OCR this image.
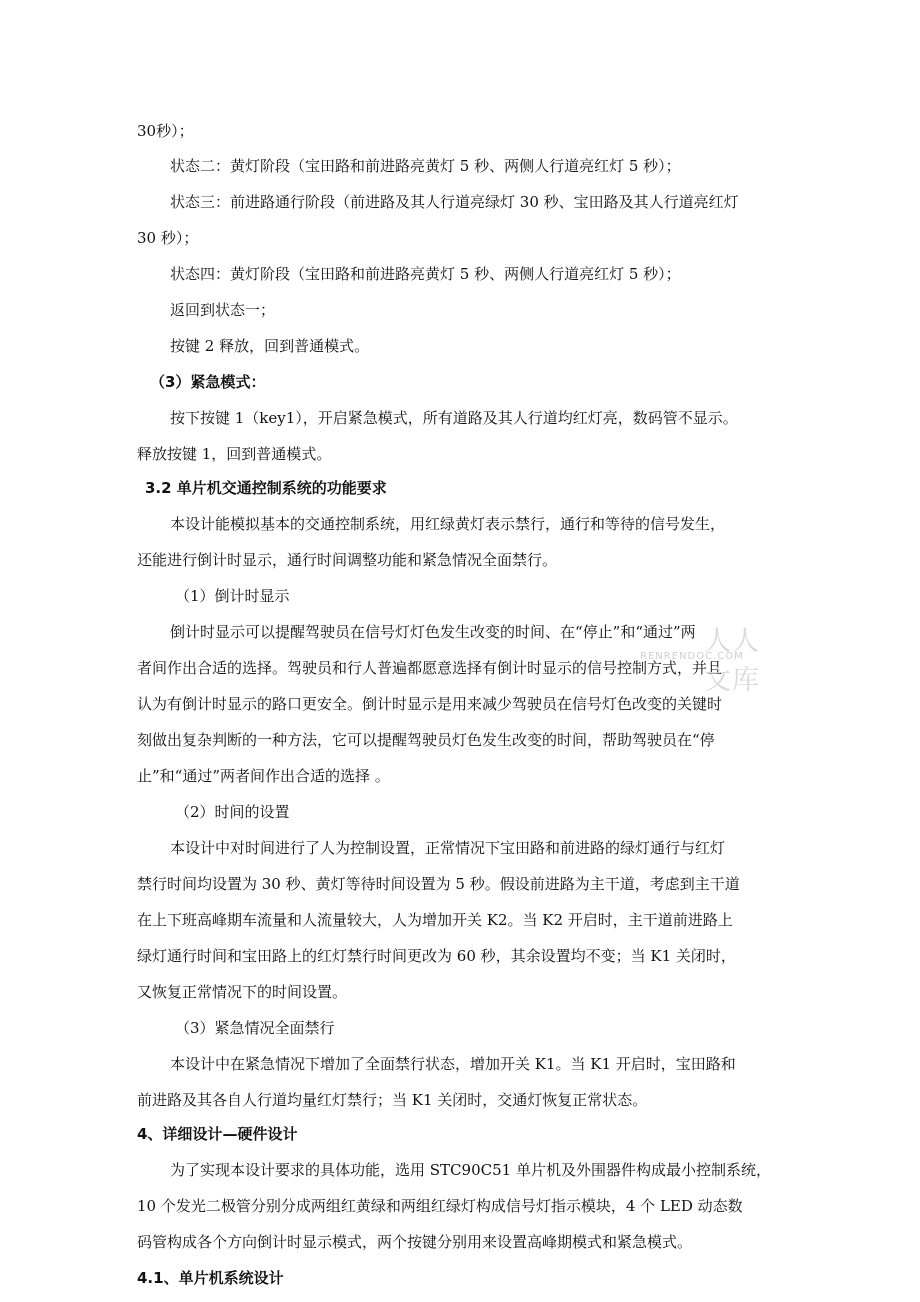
30秒）；
状态二：黄灯阶段（宝田路和前进路亮黄灯 5 秒、两侧人行道亮红灯 5 秒）；
状态三：前进路通行阶段（前进路及其人行道亮绿灯 30 秒、宝田路及其人行道亮红灯
30 秒）；
状态四：黄灯阶段（宝田路和前进路亮黄灯 5 秒、两侧人行道亮红灯 5 秒）；
返回到状态一；
按键 2 释放，回到普通模式。
（3）紧急模式：
按下按键 1（key1），开启紧急模式，所有道路及其人行道均红灯亮，数码管不显示。
释放按键 1，回到普通模式。
3.2 单片机交通控制系统的功能要求
本设计能模拟基本的交通控制系统，用红绿黄灯表示禁行，通行和等待的信号发生，
还能进行倒计时显示，通行时间调整功能和紧急情况全面禁行。
（1）倒计时显示
倒计时显示可以提醒驾驶员在信号灯灯色发生改变的时间、在“停止”和“通过”两
者间作出合适的选择。驾驶员和行人普遍都愿意选择有倒计时显示的信号控制方式，并且
认为有倒计时显示的路口更安全。倒计时显示是用来减少驾驶员在信号灯色改变的关键时
刻做出复杂判断的一种方法，它可以提醒驾驶员灯色发生改变的时间，帮助驾驶员在“停
止”和“通过”两者间作出合适的选择 。
（2）时间的设置
本设计中对时间进行了人为控制设置，正常情况下宝田路和前进路的绿灯通行与红灯
禁行时间均设置为 30 秒、黄灯等待时间设置为 5 秒。假设前进路为主干道，考虑到主干道
在上下班高峰期车流量和人流量较大，人为增加开关 K2。当 K2 开启时，主干道前进路上
绿灯通行时间和宝田路上的红灯禁行时间更改为 60 秒，其余设置均不变；当 K1 关闭时，
又恢复正常情况下的时间设置。
（3）紧急情况全面禁行
本设计中在紧急情况下增加了全面禁行状态，增加开关 K1。当 K1 开启时，宝田路和
前进路及其各自人行道均量红灯禁行；当 K1 关闭时，交通灯恢复正常状态。
4、详细设计—硬件设计
为了实现本设计要求的具体功能，选用 STC90C51 单片机及外围器件构成最小控制系统，
10 个发光二极管分别分成两组红黄绿和两组红绿灯构成信号灯指示模块，4 个 LED 动态数
码管构成各个方向倒计时显示模式，两个按键分别用来设置高峰期模式和紧急模式。
4.1、单片机系统设计
人人文库
RENRENDOC.COM
